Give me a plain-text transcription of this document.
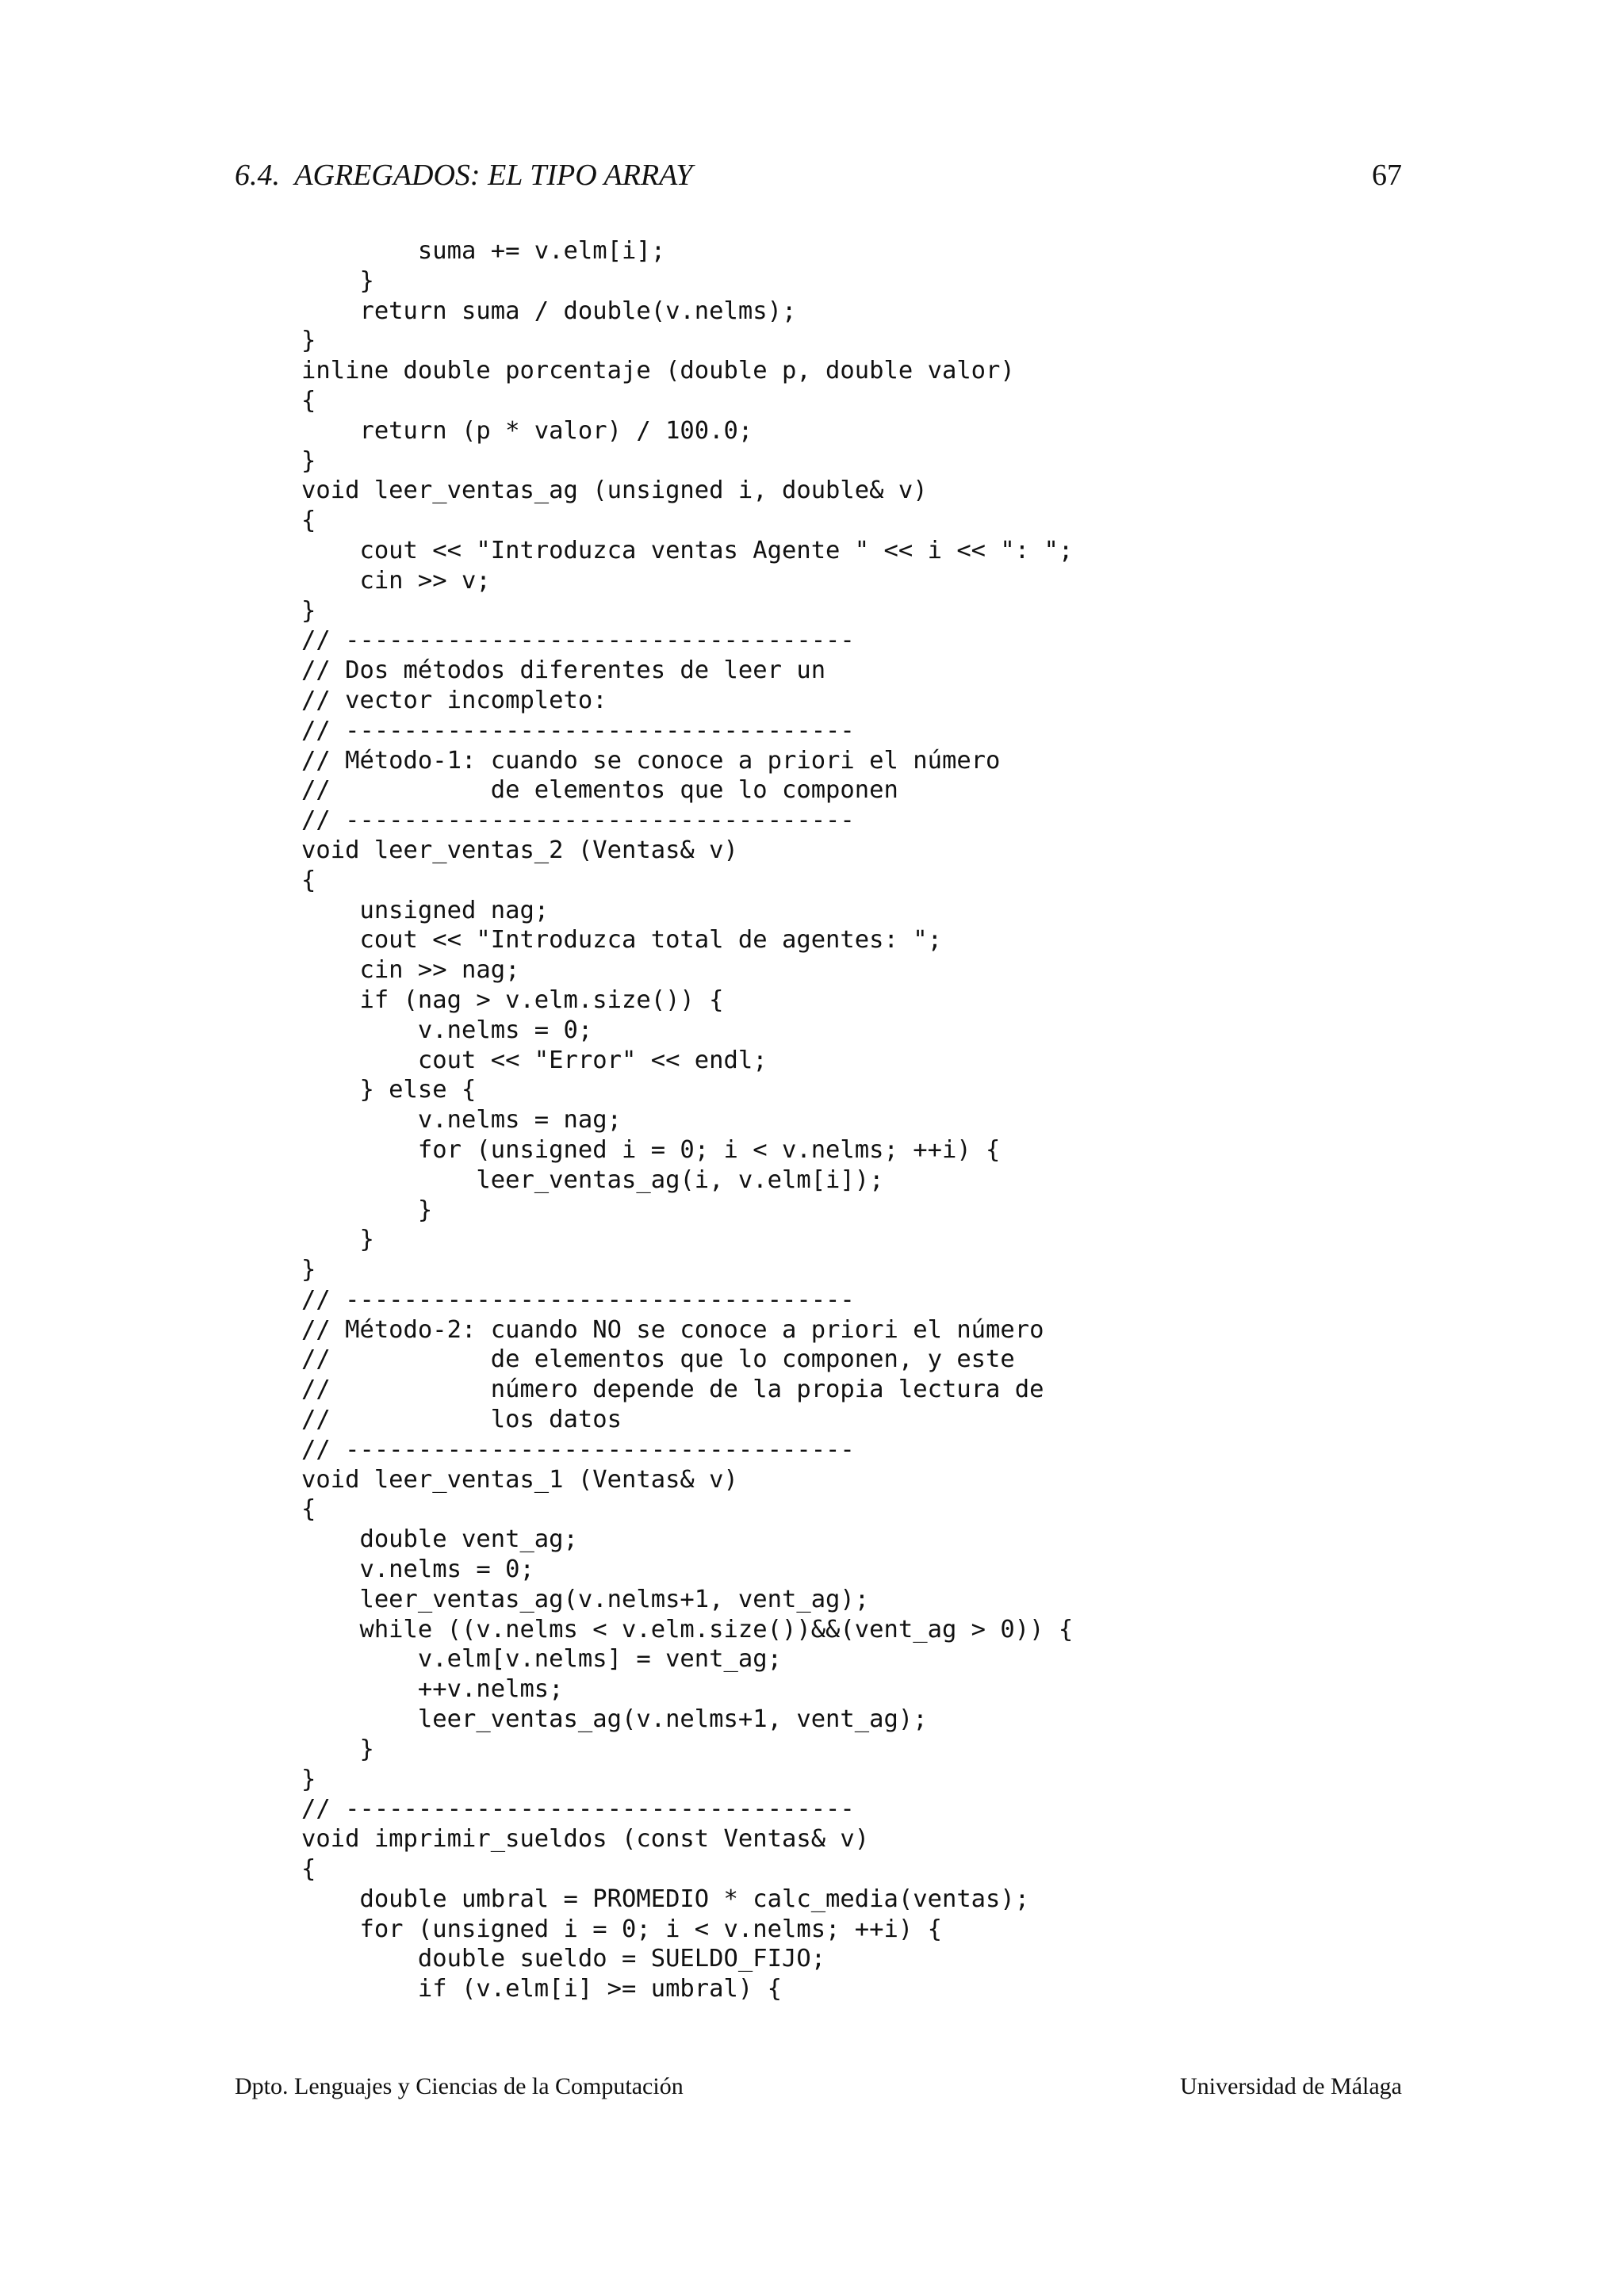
6.4.  AGREGADOS: EL TIPO ARRAY	67
suma += v.elm[i];
}
return suma / double(v.nelms);
}
inline double porcentaje (double p, double valor)
{
return (p * valor) / 100.0;
}
void leer_ventas_ag (unsigned i, double& v)
{
cout << "Introduzca ventas Agente " << i << ": ";
cin >> v;
}
// -----------------------------------
// Dos métodos diferentes de leer un
// vector incompleto:
// -----------------------------------
// Método-1: cuando se conoce a priori el número
//           de elementos que lo componen
// -----------------------------------
void leer_ventas_2 (Ventas& v)
{
unsigned nag;
cout << "Introduzca total de agentes: ";
cin >> nag;
if (nag > v.elm.size()) {
v.nelms = 0;
cout << "Error" << endl;
} else {
v.nelms = nag;
for (unsigned i = 0; i < v.nelms; ++i) {
leer_ventas_ag(i, v.elm[i]);
}
}
}
// -----------------------------------
// Método-2: cuando NO se conoce a priori el número
//           de elementos que lo componen, y este
//           número depende de la propia lectura de
//           los datos
// -----------------------------------
void leer_ventas_1 (Ventas& v)
{
double vent_ag;
v.nelms = 0;
leer_ventas_ag(v.nelms+1, vent_ag);
while ((v.nelms < v.elm.size())&&(vent_ag > 0)) {
v.elm[v.nelms] = vent_ag;
++v.nelms;
leer_ventas_ag(v.nelms+1, vent_ag);
}
}
// -----------------------------------
void imprimir_sueldos (const Ventas& v)
{
double umbral = PROMEDIO * calc_media(ventas);
for (unsigned i = 0; i < v.nelms; ++i) {
double sueldo = SUELDO_FIJO;
if (v.elm[i] >= umbral) {
Dpto. Lenguajes y Ciencias de la Computación	Universidad de Málaga
